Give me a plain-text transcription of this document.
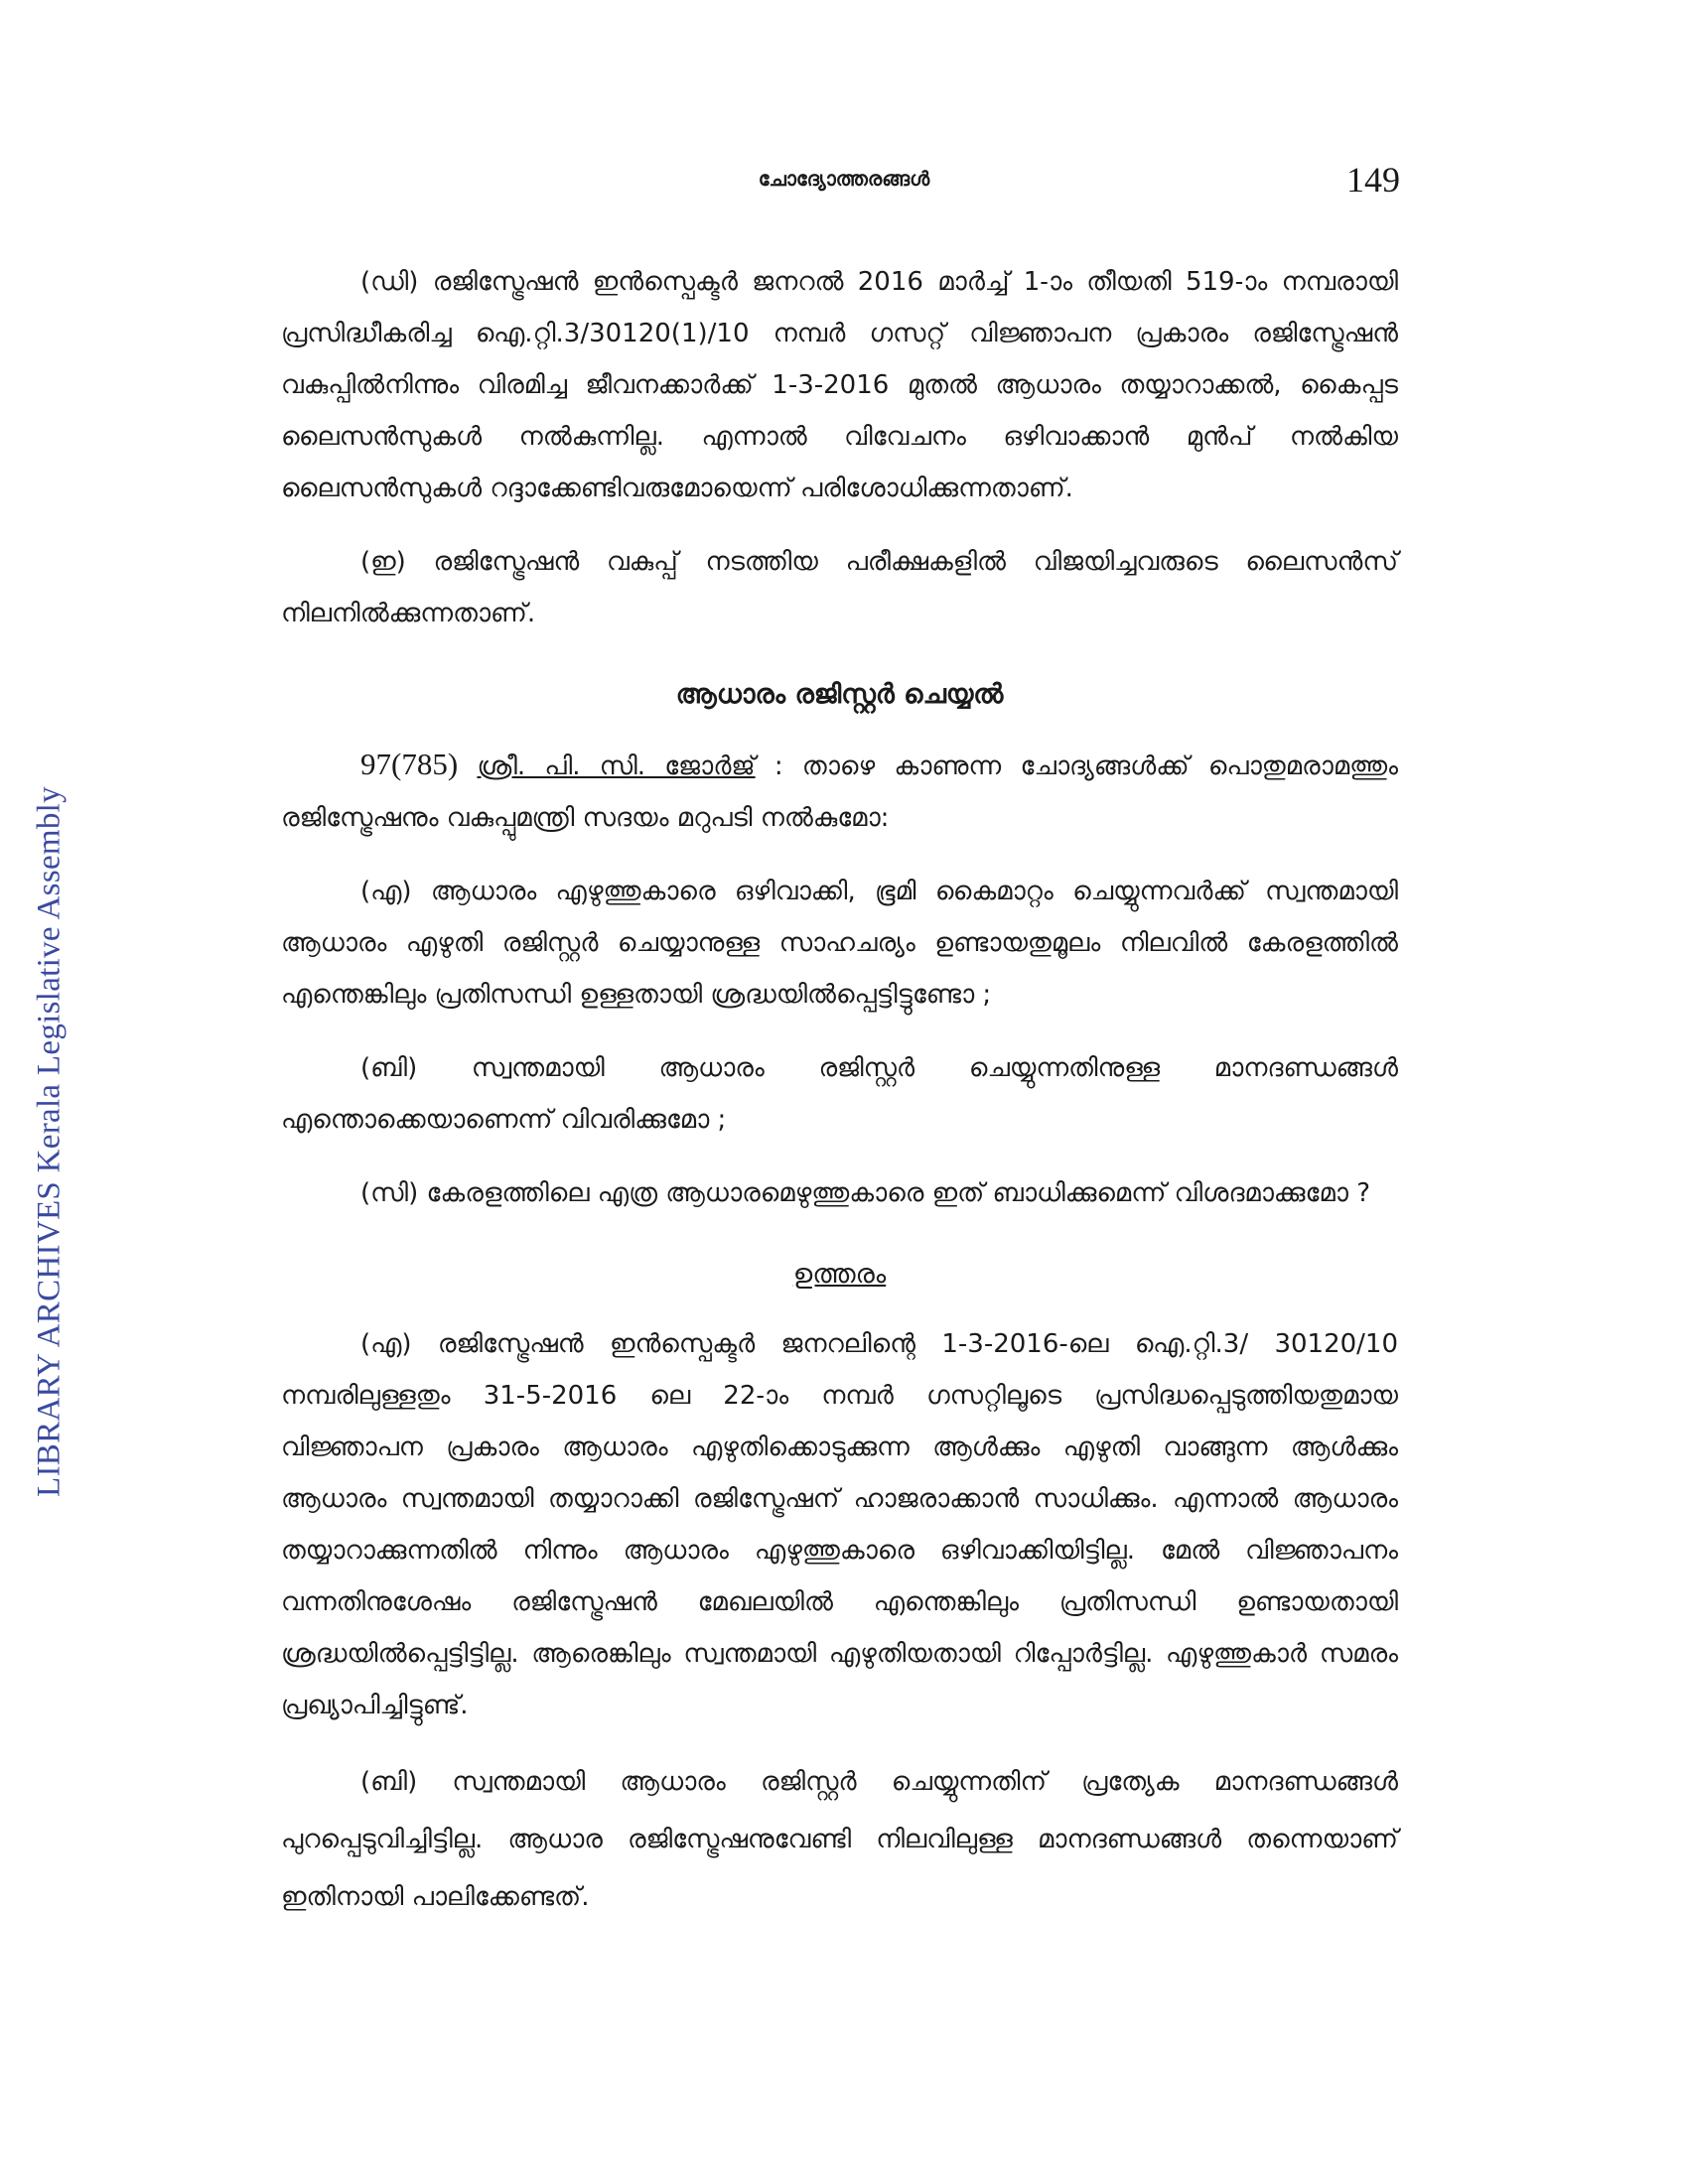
LIBRARY ARCHIVES Kerala Legislative Assembly
ചോദ്യോത്തരങ്ങൾ	149

(ഡി) രജിസ്ട്രേഷൻ ഇൻസ്പെക്ടർ ജനറൽ 2016 മാർച്ച് 1-ാം തീയതി 519-ാം നമ്പരായി പ്രസിദ്ധീകരിച്ച ഐ.റ്റി.3/30120(1)/10 നമ്പർ ഗസറ്റ് വിജ്ഞാപന പ്രകാരം രജിസ്ട്രേഷൻ വകുപ്പിൽനിന്നും വിരമിച്ച ജീവനക്കാർക്ക് 1-3-2016 മുതൽ ആധാരം തയ്യാറാക്കൽ, കൈപ്പട ലൈസൻസുകൾ നൽകുന്നില്ല. എന്നാൽ വിവേചനം ഒഴിവാക്കാൻ മുൻപ് നൽകിയ ലൈസൻസുകൾ റദ്ദാക്കേണ്ടിവരുമോയെന്ന് പരിശോധിക്കുന്നതാണ്.

(ഇ) രജിസ്ട്രേഷൻ വകുപ്പ് നടത്തിയ പരീക്ഷകളിൽ വിജയിച്ചവരുടെ ലൈസൻസ് നിലനിൽക്കുന്നതാണ്.

ആധാരം രജിസ്റ്റർ ചെയ്യൽ

97(785) ശ്രീ. പി. സി. ജോർജ് : താഴെ കാണുന്ന ചോദ്യങ്ങൾക്ക് പൊതുമരാമത്തും രജിസ്ട്രേഷനും വകുപ്പുമന്ത്രി സദയം മറുപടി നൽകുമോ:

(എ) ആധാരം എഴുത്തുകാരെ ഒഴിവാക്കി, ഭൂമി കൈമാറ്റം ചെയ്യുന്നവർക്ക് സ്വന്തമായി ആധാരം എഴുതി രജിസ്റ്റർ ചെയ്യാനുള്ള സാഹചര്യം ഉണ്ടായതുമൂലം നിലവിൽ കേരളത്തിൽ എന്തെങ്കിലും പ്രതിസന്ധി ഉള്ളതായി ശ്രദ്ധയിൽപ്പെട്ടിട്ടുണ്ടോ ;

(ബി) സ്വന്തമായി ആധാരം രജിസ്റ്റർ ചെയ്യുന്നതിനുള്ള മാനദണ്ഡങ്ങൾ എന്തൊക്കെയാണെന്ന് വിവരിക്കുമോ ;

(സി) കേരളത്തിലെ എത്ര ആധാരമെഴുത്തുകാരെ ഇത് ബാധിക്കുമെന്ന് വിശദമാക്കുമോ ?

ഉത്തരം

(എ) രജിസ്ട്രേഷൻ ഇൻസ്പെക്ടർ ജനറലിന്റെ 1-3-2016-ലെ ഐ.റ്റി.3/ 30120/10 നമ്പരിലുള്ളതും 31-5-2016 ലെ 22-ാം നമ്പർ ഗസറ്റിലൂടെ പ്രസിദ്ധപ്പെടുത്തിയതുമായ വിജ്ഞാപന പ്രകാരം ആധാരം എഴുതിക്കൊടുക്കുന്ന ആൾക്കും എഴുതി വാങ്ങുന്ന ആൾക്കും ആധാരം സ്വന്തമായി തയ്യാറാക്കി രജിസ്ട്രേഷന് ഹാജരാക്കാൻ സാധിക്കും. എന്നാൽ ആധാരം തയ്യാറാക്കുന്നതിൽ നിന്നും ആധാരം എഴുത്തുകാരെ ഒഴിവാക്കിയിട്ടില്ല. മേൽ വിജ്ഞാപനം വന്നതിനുശേഷം രജിസ്ട്രേഷൻ മേഖലയിൽ എന്തെങ്കിലും പ്രതിസന്ധി ഉണ്ടായതായി ശ്രദ്ധയിൽപ്പെട്ടിട്ടില്ല. ആരെങ്കിലും സ്വന്തമായി എഴുതിയതായി റിപ്പോർട്ടില്ല. എഴുത്തുകാർ സമരം പ്രഖ്യാപിച്ചിട്ടുണ്ട്.

(ബി) സ്വന്തമായി ആധാരം രജിസ്റ്റർ ചെയ്യുന്നതിന് പ്രത്യേക മാനദണ്ഡങ്ങൾ പുറപ്പെടുവിച്ചിട്ടില്ല. ആധാര രജിസ്ട്രേഷനുവേണ്ടി നിലവിലുള്ള മാനദണ്ഡങ്ങൾ തന്നെയാണ് ഇതിനായി പാലിക്കേണ്ടത്.
